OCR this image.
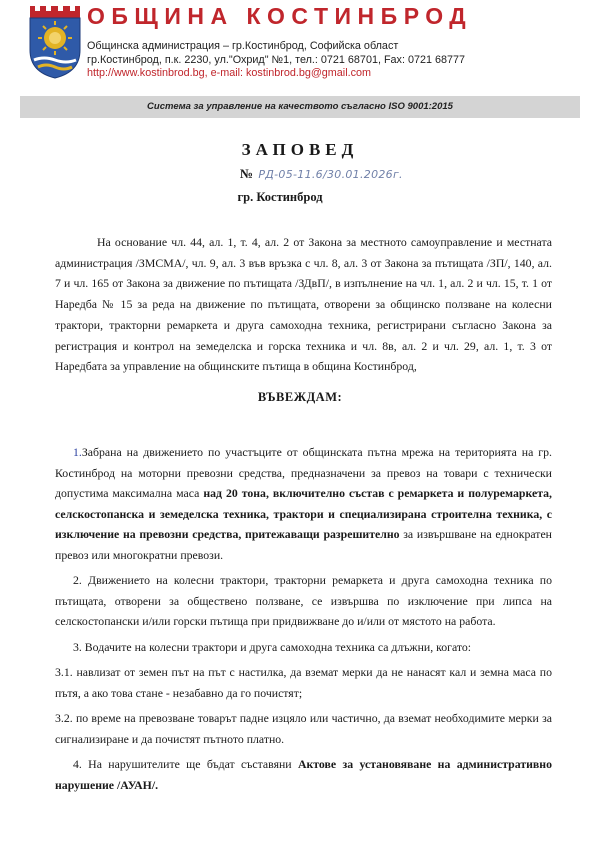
ОБЩИНА КОСТИНБРОД
Общинска администрация – гр.Костинброд, Софийска област
гр.Костинброд, п.к. 2230, ул."Охрид" №1, тел.: 0721 68701, Fax: 0721 68777
http://www.kostinbrod.bg, e-mail: kostinbrod.bg@gmail.com
Система за управление на качеството съгласно ISO 9001:2015
ЗАПОВЕД
№ РД-05-11.6/30.01.2026г.
гр. Костинброд

На основание чл. 44, ал. 1, т. 4, ал. 2 от Закона за местното самоуправление и местната администрация /ЗМСМА/, чл. 9, ал. 3 във връзка с чл. 8, ал. 3 от Закона за пътищата /ЗП/, 140, ал. 7 и чл. 165 от Закона за движение по пътищата /ЗДвП/, в изпълнение на чл. 1, ал. 2 и чл. 15, т. 1 от Наредба № 15 за реда на движение по пътищата, отворени за общинско ползване на колесни трактори, тракторни ремаркета и друга самоходна техника, регистрирани съгласно Закона за регистрация и контрол на земеделска и горска техника и чл. 8в, ал. 2 и чл. 29, ал. 1, т. 3 от Наредбата за управление на общинските пътища в община Костинброд,

ВЪВЕЖДАМ:

1.Забрана на движението по участъците от общинската пътна мрежа на територията на гр. Костинброд на моторни превозни средства, предназначени за превоз на товари с технически допустима максимална маса над 20 тона, включително състав с ремаркета и полуремаркета, селскостопанска и земеделска техника, трактори и специализирана строителна техника, с изключение на превозни средства, притежаващи разрешително за извършване на еднократен превоз или многократни превози.

2. Движението на колесни трактори, тракторни ремаркета и друга самоходна техника по пътищата, отворени за обществено ползване, се извършва по изключение при липса на селскостопански и/или горски пътища при придвижване до и/или от мястото на работа.

3. Водачите на колесни трактори и друга самоходна техника са длъжни, когато:

3.1. навлизат от земен път на път с настилка, да вземат мерки да не нанасят кал и земна маса по пътя, а ако това стане - незабавно да го почистят;

3.2. по време на превозване товарът падне изцяло или частично, да вземат необходимите мерки за сигнализиране и да почистят пътното платно.

4. На нарушителите ще бъдат съставяни Актове за установяване на административно нарушение /АУАН/.
